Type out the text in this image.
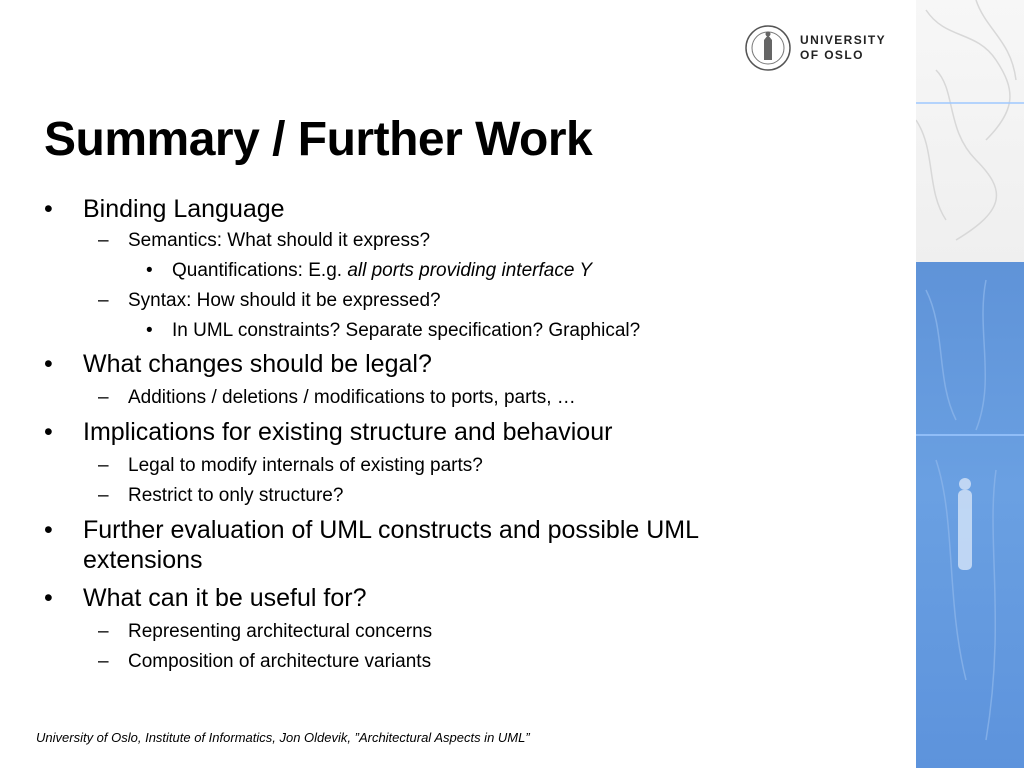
UNIVERSITY
OF OSLO
Summary / Further Work
• Binding Language
– Semantics: What should it express?
• Quantifications: E.g. all ports providing interface Y
– Syntax: How should it be expressed?
• In UML constraints? Separate specification? Graphical?
• What changes should be legal?
– Additions / deletions / modifications to ports, parts, …
• Implications for existing structure and behaviour
– Legal to modify internals of existing parts?
– Restrict to only structure?
• Further evaluation of UML constructs and possible UML
extensions
• What can it be useful for?
– Representing architectural concerns
– Composition of architecture variants
University of Oslo, Institute of Informatics, Jon Oldevik, ”Architectural Aspects in UML”
